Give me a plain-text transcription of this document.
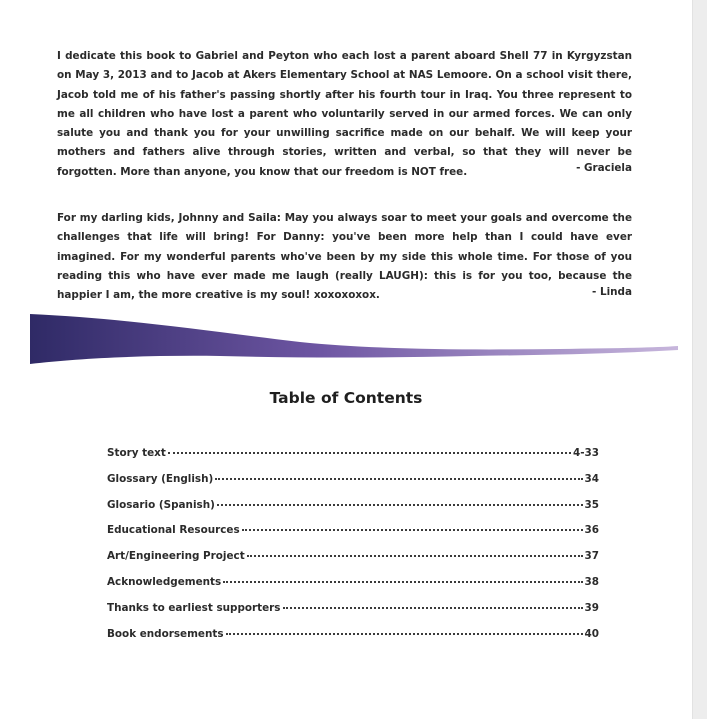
I dedicate this book to Gabriel and Peyton who each lost a parent aboard Shell 77 in Kyrgyzstan on May 3, 2013 and to Jacob at Akers Elementary School at NAS Lemoore. On a school visit there, Jacob told me of his father's passing shortly after his fourth tour in Iraq. You three represent to me all children who have lost a parent who voluntarily served in our armed forces. We can only salute you and thank you for your unwilling sacrifice made on our behalf. We will keep your mothers and fathers alive through stories, written and verbal, so that they will never be forgotten. More than anyone, you know that our freedom is NOT free.	- Graciela

For my darling kids, Johnny and Saila: May you always soar to meet your goals and overcome the challenges that life will bring! For Danny: you've been more help than I could have ever imagined. For my wonderful parents who've been by my side this whole time. For those of you reading this who have ever made me laugh (really LAUGH): this is for you too, because the happier I am, the more creative is my soul! xoxoxoxox.	- Linda
Table of Contents
Story text	4-33
Glossary (English)	34
Glosario (Spanish)	35
Educational Resources	36
Art/Engineering Project	37
Acknowledgements	38
Thanks to earliest supporters	39
Book endorsements	40
